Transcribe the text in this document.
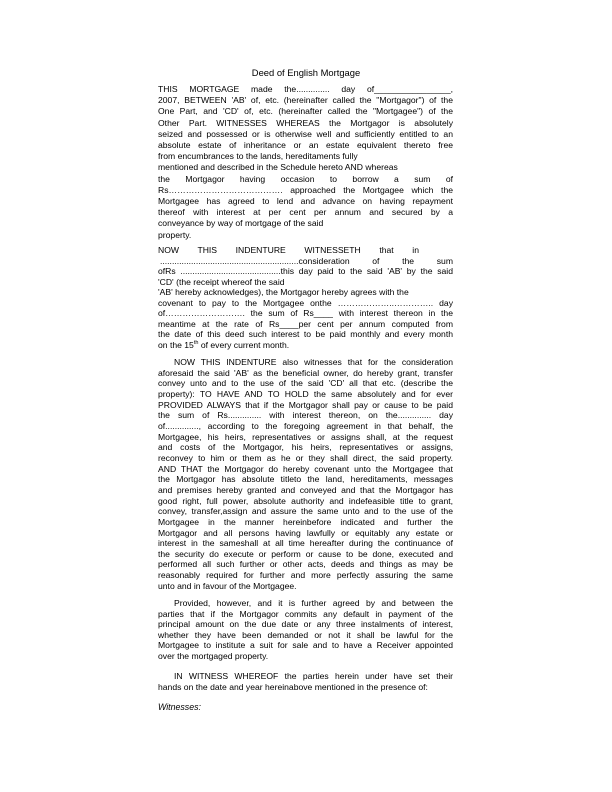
Deed of English Mortgage
THIS MORTGAGE made the.............. day of________________,
2007, BETWEEN 'AB' of, etc. (hereinafter called the "Mortgagor") of the
One Part, and 'CD' of, etc. (hereinafter called the "Mortgagee") of the
Other Part. WITNESSES WHEREAS the Mortgagor is absolutely
seized and possessed or is otherwise well and sufficiently entitled to an
absolute estate of inheritance or an estate equivalent thereto free
from encumbrances to the lands, hereditaments fully
mentioned and described in the Schedule hereto AND whereas
the Mortgagor having occasion to borrow a sum of
Rs…………………………………. approached the Mortgagee which the
Mortgagee has agreed to lend and advance on having repayment
thereof with interest at per cent per annum and secured by a
conveyance by way of mortgage of the said
property.
NOW THIS INDENTURE WITNESSETH that in
..........................................................consideration of the sum
ofRs ..........................................this day paid to the said 'AB' by the said
'CD' (the receipt whereof the said
'AB' hereby acknowledges), the Mortgagor hereby agrees with the
covenant to pay to the Mortgagee onthe ………………..………….. day
of………………………. the sum of Rs____ with interest thereon in the
meantime at the rate of Rs____per cent per annum computed from
the date of this deed such interest to be paid monthly and every month
on the 15th of every current month.
NOW THIS INDENTURE also witnesses that for the consideration
aforesaid the said 'AB' as the beneficial owner, do hereby grant, transfer
convey unto and to the use of the said 'CD' all that etc. (describe the
property): TO HAVE AND TO HOLD the same absolutely and for ever
PROVIDED ALWAYS that if the Mortgagor shall pay or cause to be paid
the sum of Rs.............. with interest thereon, on the.............. day
of.............., according to the foregoing agreement in that behalf, the
Mortgagee, his heirs, representatives or assigns shall, at the request
and costs of the Mortgagor, his heirs, representatives or assigns,
reconvey to him or them as he or they shall direct, the said property.
AND THAT the Mortgagor do hereby covenant unto the Mortgagee that
the Mortgagor has absolute titleto the land, hereditaments, messages
and premises hereby granted and conveyed and that the Mortgagor has
good right, full power, absolute authority and indefeasible title to grant,
convey, transfer,assign and assure the same unto and to the use of the
Mortgagee in the manner hereinbefore indicated and further the
Mortgagor and all persons having lawfully or equitably any estate or
interest in the sameshall at all time hereafter during the continuance of
the security do execute or perform or cause to be done, executed and
performed all such further or other acts, deeds and things as may be
reasonably required for further and more perfectly assuring the same
unto and in favour of the Mortgagee.
Provided, however, and it is further agreed by and between the
parties that if the Mortgagor commits any default in payment of the
principal amount on the due date or any three instalments of interest,
whether they have been demanded or not it shall be lawful for the
Mortgagee to institute a suit for sale and to have a Receiver appointed
over the mortgaged property.
IN WITNESS WHEREOF the parties herein under have set their
hands on the date and year hereinabove mentioned in the presence of:
Witnesses:
